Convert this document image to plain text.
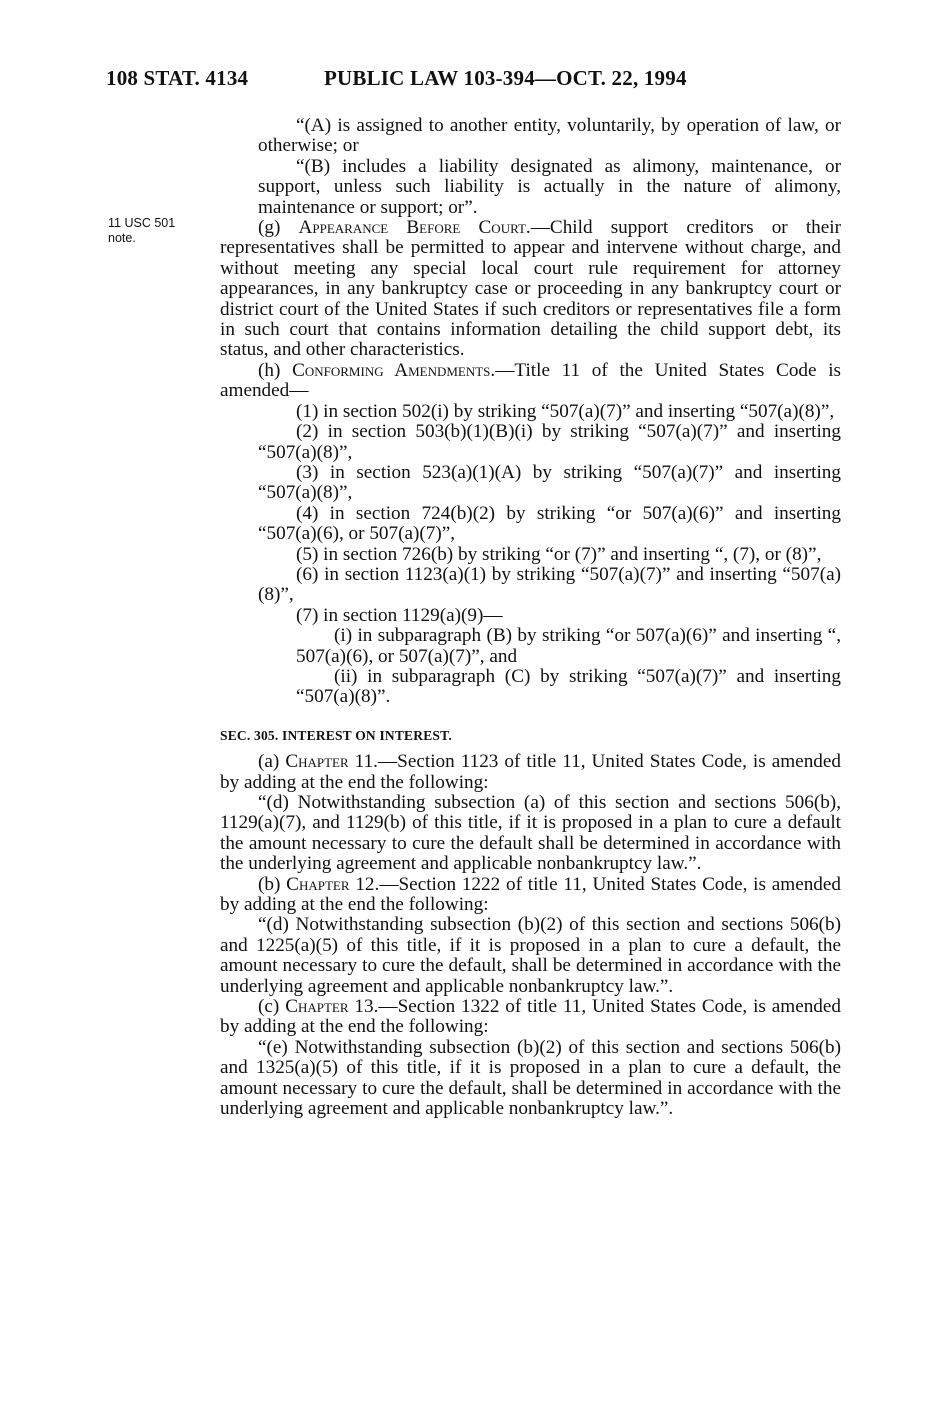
108 STAT. 4134	PUBLIC LAW 103-394—OCT. 22, 1994
11 USC 501
note.

“(A) is assigned to another entity, voluntarily, by operation of law, or otherwise; or

“(B) includes a liability designated as alimony, maintenance, or support, unless such liability is actually in the nature of alimony, maintenance or support; or”.

(g) Appearance Before Court.—Child support creditors or their representatives shall be permitted to appear and intervene without charge, and without meeting any special local court rule requirement for attorney appearances, in any bankruptcy case or proceeding in any bankruptcy court or district court of the United States if such creditors or representatives file a form in such court that contains information detailing the child support debt, its status, and other characteristics.

(h) Conforming Amendments.—Title 11 of the United States Code is amended—

(1) in section 502(i) by striking “507(a)(7)” and inserting “507(a)(8)”,

(2) in section 503(b)(1)(B)(i) by striking “507(a)(7)” and inserting “507(a)(8)”,

(3) in section 523(a)(1)(A) by striking “507(a)(7)” and inserting “507(a)(8)”,

(4) in section 724(b)(2) by striking “or 507(a)(6)” and inserting “507(a)(6), or 507(a)(7)”,

(5) in section 726(b) by striking “or (7)” and inserting “, (7), or (8)”,

(6) in section 1123(a)(1) by striking “507(a)(7)” and inserting “507(a)(8)”,

(7) in section 1129(a)(9)—

(i) in subparagraph (B) by striking “or 507(a)(6)” and inserting “, 507(a)(6), or 507(a)(7)”, and

(ii) in subparagraph (C) by striking “507(a)(7)” and inserting “507(a)(8)”.

SEC. 305. INTEREST ON INTEREST.

(a) Chapter 11.—Section 1123 of title 11, United States Code, is amended by adding at the end the following:

“(d) Notwithstanding subsection (a) of this section and sections 506(b), 1129(a)(7), and 1129(b) of this title, if it is proposed in a plan to cure a default the amount necessary to cure the default shall be determined in accordance with the underlying agreement and applicable nonbankruptcy law.”.

(b) Chapter 12.—Section 1222 of title 11, United States Code, is amended by adding at the end the following:

“(d) Notwithstanding subsection (b)(2) of this section and sections 506(b) and 1225(a)(5) of this title, if it is proposed in a plan to cure a default, the amount necessary to cure the default, shall be determined in accordance with the underlying agreement and applicable nonbankruptcy law.”.

(c) Chapter 13.—Section 1322 of title 11, United States Code, is amended by adding at the end the following:

“(e) Notwithstanding subsection (b)(2) of this section and sections 506(b) and 1325(a)(5) of this title, if it is proposed in a plan to cure a default, the amount necessary to cure the default, shall be determined in accordance with the underlying agreement and applicable nonbankruptcy law.”.
